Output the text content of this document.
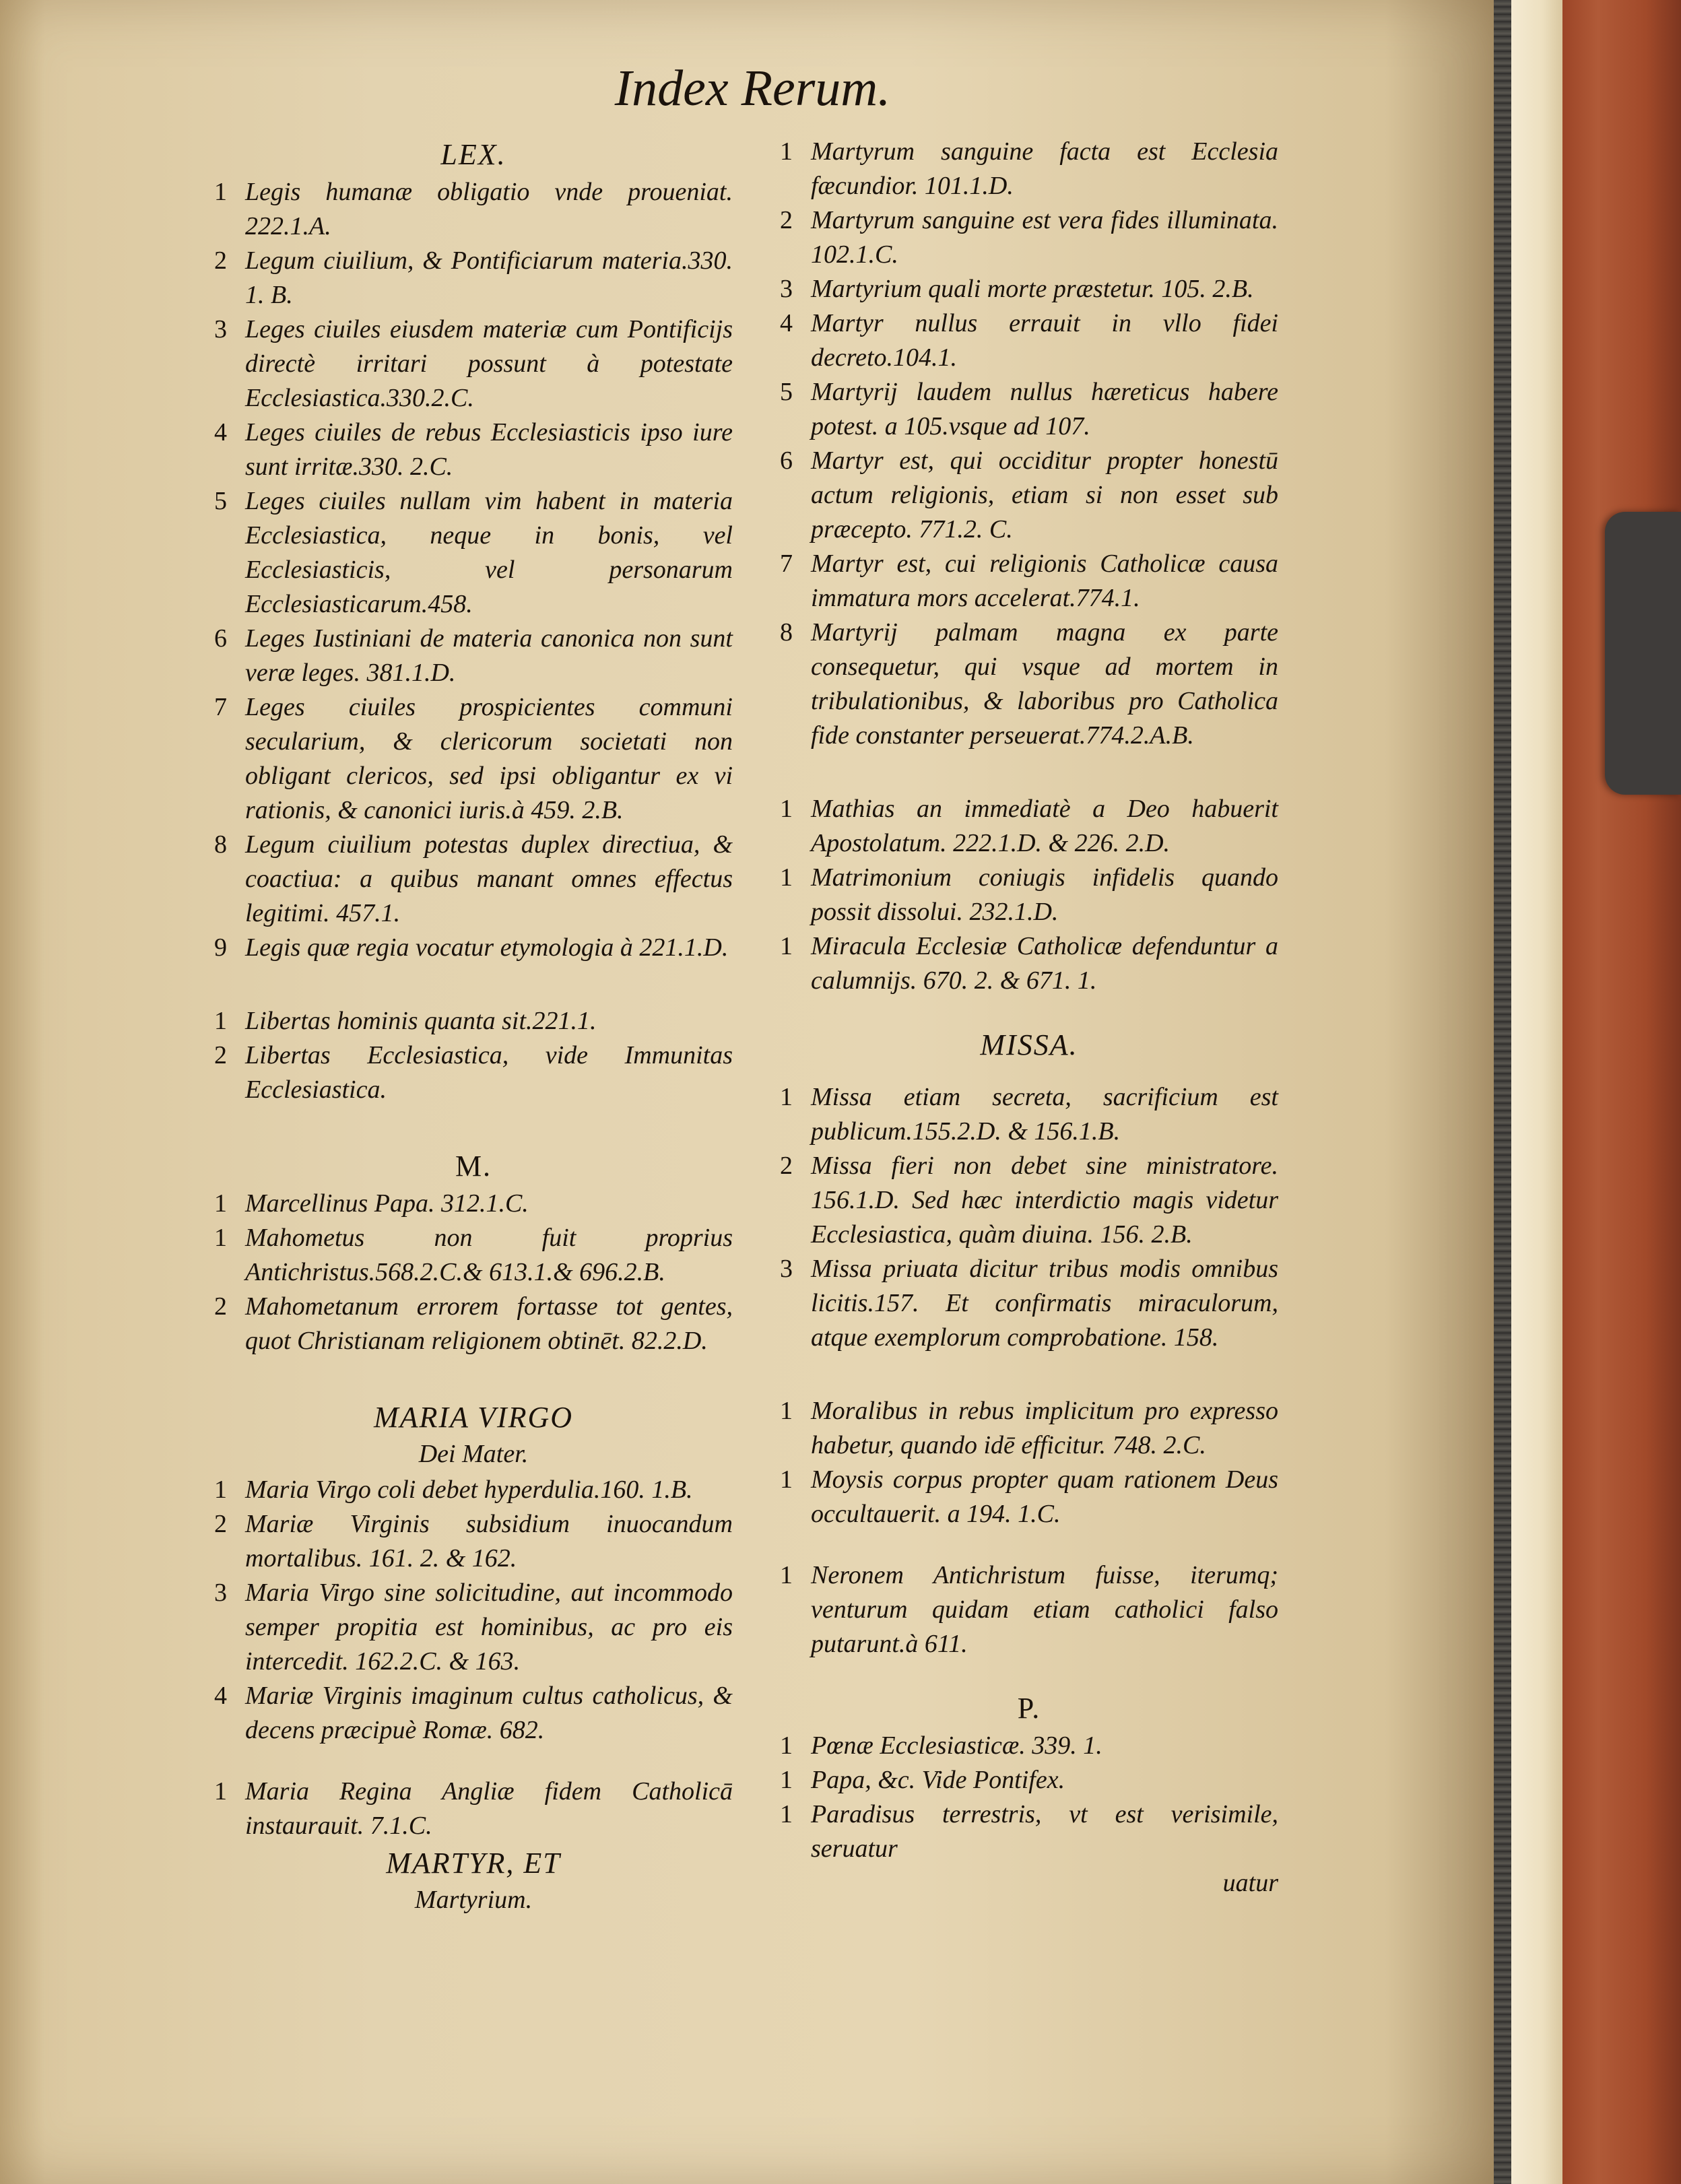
Index Rerum.
LEX.
1 Legis humanæ obligatio vnde proueniat. 222.1.A.
2 Legum ciuilium, & Pontificiarum materia.330. 1. B.
3 Leges ciuiles eiusdem materiæ cum Pontificijs directè irritari possunt à potestate Ecclesiastica.330.2.C.
4 Leges ciuiles de rebus Ecclesiasticis ipso iure sunt irritæ.330. 2.C.
5 Leges ciuiles nullam vim habent in materia Ecclesiastica, neque in bonis, vel Ecclesiasticis, vel personarum Ecclesiasticarum.458.
6 Leges Iustiniani de materia canonica non sunt veræ leges. 381.1.D.
7 Leges ciuiles prospicientes communi secularium, & clericorum societati non obligant clericos, sed ipsi obligantur ex vi rationis, & canonici iuris.à 459. 2.B.
8 Legum ciuilium potestas duplex directiua, & coactiua: a quibus manant omnes effectus legitimi. 457.1.
9 Legis quæ regia vocatur etymologia à 221.1.D.
1 Libertas hominis quanta sit.221.1.
2 Libertas Ecclesiastica, vide Immunitas Ecclesiastica.
M.
1 Marcellinus Papa. 312.1.C.
1 Mahometus non fuit proprius Antichristus.568.2.C.& 613.1.& 696.2.B.
2 Mahometanum errorem fortasse tot gentes, quot Christianam religionem obtinēt. 82.2.D.
MARIA VIRGO
Dei Mater.
1 Maria Virgo coli debet hyperdulia.160. 1.B.
2 Mariæ Virginis subsidium inuocandum mortalibus. 161. 2. & 162.
3 Maria Virgo sine solicitudine, aut incommodo semper propitia est hominibus, ac pro eis intercedit. 162.2.C. & 163.
4 Mariæ Virginis imaginum cultus catholicus, & decens præcipuè Romæ. 682.
1 Maria Regina Angliæ fidem Catholicā instaurauit. 7.1.C.
MARTYR, ET
Martyrium.
1 Martyrum sanguine facta est Ecclesia fæcundior. 101.1.D.
2 Martyrum sanguine est vera fides illuminata. 102.1.C.
3 Martyrium quali morte præstetur. 105. 2.B.
4 Martyr nullus errauit in vllo fidei decreto.104.1.
5 Martyrij laudem nullus hæreticus habere potest. a 105.vsque ad 107.
6 Martyr est, qui occiditur propter honestū actum religionis, etiam si non esset sub præcepto. 771.2. C.
7 Martyr est, cui religionis Catholicæ causa immatura mors accelerat.774.1.
8 Martyrij palmam magna ex parte consequetur, qui vsque ad mortem in tribulationibus, & laboribus pro Catholica fide constanter perseuerat.774.2.A.B.
1 Mathias an immediatè a Deo habuerit Apostolatum. 222.1.D. & 226. 2.D.
1 Matrimonium coniugis infidelis quando possit dissolui. 232.1.D.
1 Miracula Ecclesiæ Catholicæ defenduntur a calumnijs. 670. 2. & 671. 1.
MISSA.
1 Missa etiam secreta, sacrificium est publicum.155.2.D. & 156.1.B.
2 Missa fieri non debet sine ministratore. 156.1.D. Sed hæc interdictio magis videtur Ecclesiastica, quàm diuina. 156. 2.B.
3 Missa priuata dicitur tribus modis omnibus licitis.157. Et confirmatis miraculorum, atque exemplorum comprobatione. 158.
1 Moralibus in rebus implicitum pro expresso habetur, quando idē efficitur. 748. 2.C.
1 Moysis corpus propter quam rationem Deus occultauerit. a 194. 1.C.
1 Neronem Antichristum fuisse, iterumq; venturum quidam etiam catholici falso putarunt.à 611.
P.
1 Pœnæ Ecclesiasticæ. 339. 1.
1 Papa, &c. Vide Pontifex.
1 Paradisus terrestris, vt est verisimile, seruatur
uatur
